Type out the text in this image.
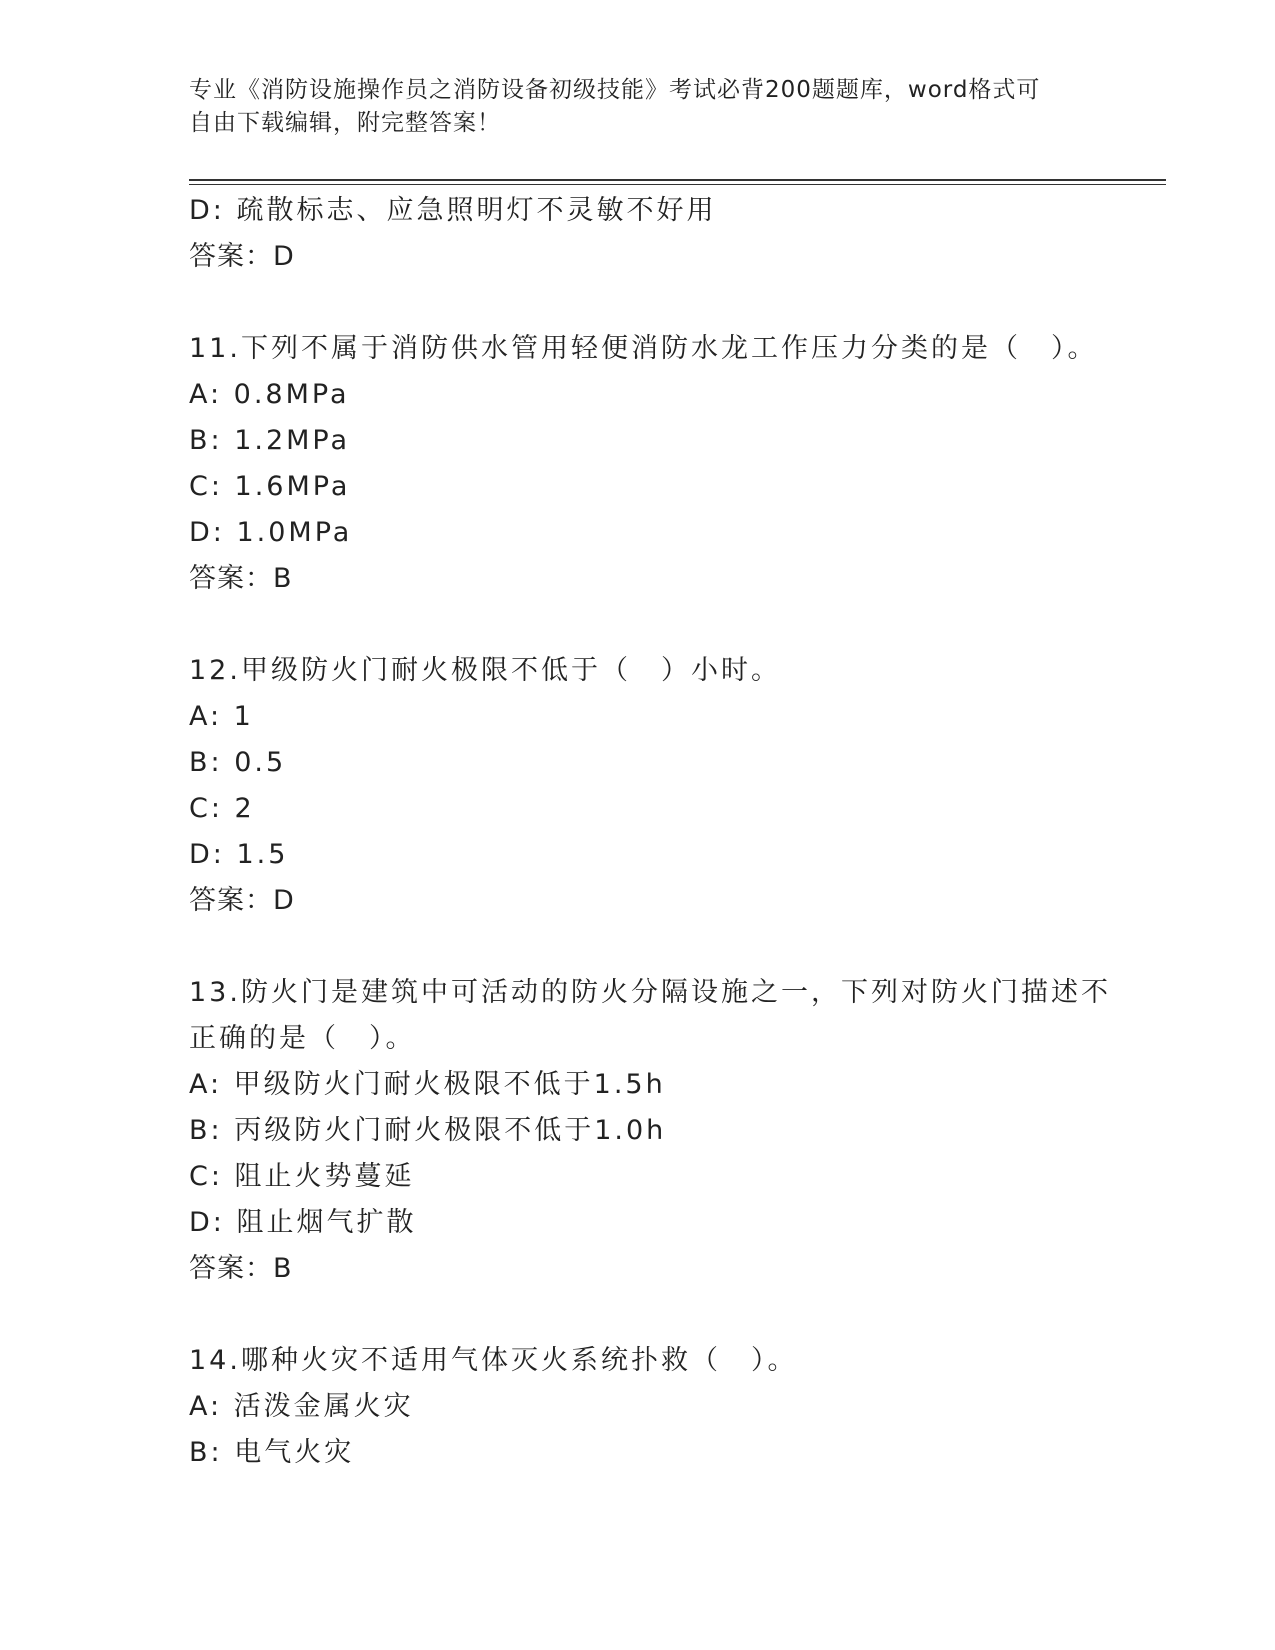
专业《消防设施操作员之消防设备初级技能》考试必背200题题库，word格式可
自由下载编辑，附完整答案！
D: 疏散标志、应急照明灯不灵敏不好用
答案：D
11.下列不属于消防供水管用轻便消防水龙工作压力分类的是（　）。
A: 0.8MPa
B: 1.2MPa
C: 1.6MPa
D: 1.0MPa
答案：B
12.甲级防火门耐火极限不低于（　）小时。
A: 1
B: 0.5
C: 2
D: 1.5
答案：D
13.防火门是建筑中可活动的防火分隔设施之一，下列对防火门描述不
正确的是（　）。
A: 甲级防火门耐火极限不低于1.5h
B: 丙级防火门耐火极限不低于1.0h
C: 阻止火势蔓延
D: 阻止烟气扩散
答案：B
14.哪种火灾不适用气体灭火系统扑救（　）。
A: 活泼金属火灾
B: 电气火灾
